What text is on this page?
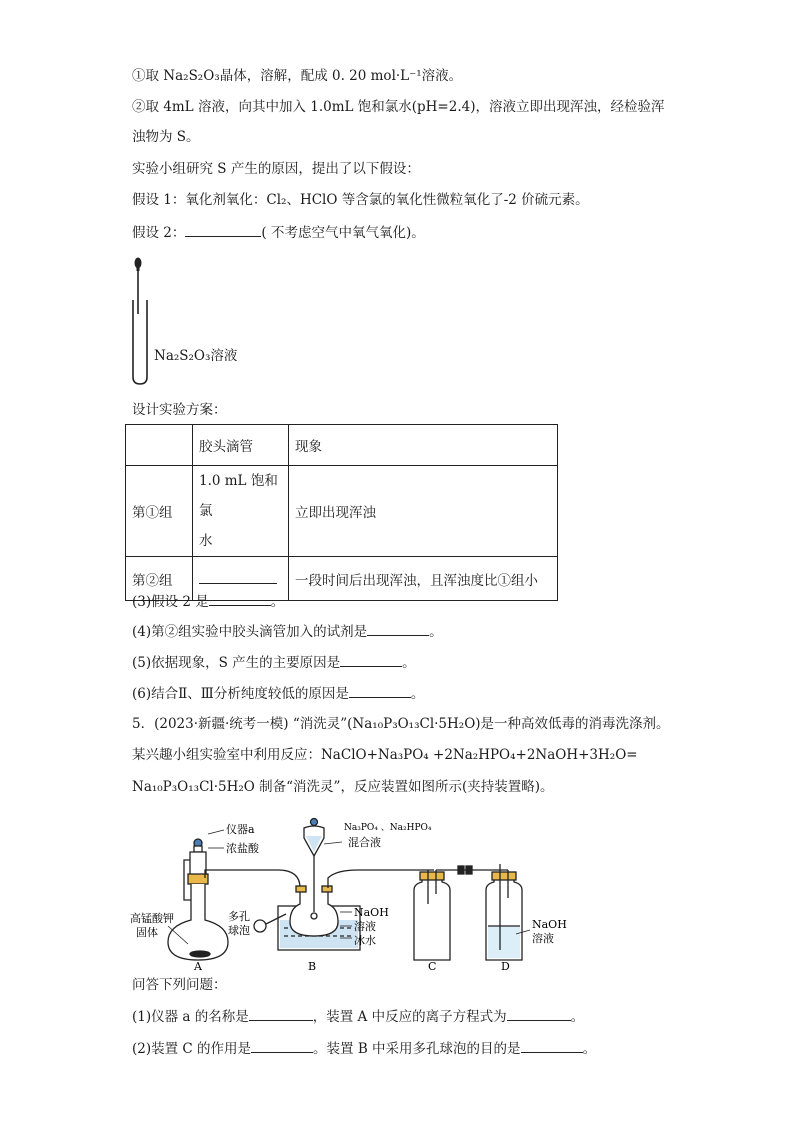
①取 Na₂S₂O₃晶体，溶解，配成 0. 20 mol·L⁻¹溶液。
②取 4mL 溶液，向其中加入 1.0mL 饱和氯水(pH=2.4)，溶液立即出现浑浊，经检验浑
浊物为 S。
实验小组研究 S 产生的原因，提出了以下假设：
假设 1：氧化剂氧化：Cl₂、HClO 等含氯的氧化性微粒氧化了-2 价硫元素。
假设 2：	( 不考虑空气中氧气氧化)。
Na₂S₂O₃溶液
设计实验方案：
	胶头滴管	现象
第①组	1.0 mL 饱和氯
水	立即出现浑浊
第②组		一段时间后出现浑浊，且浑浊度比①组小
(3)假设 2 是	。
(4)第②组实验中胶头滴管加入的试剂是	。
(5)依据现象，S 产生的主要原因是	。
(6)结合Ⅱ、Ⅲ分析纯度较低的原因是	。
5．(2023·新疆·统考一模) “消洗灵”(Na₁₀P₃O₁₃Cl·5H₂O)是一种高效低毒的消毒洗涤剂。
某兴趣小组实验室中利用反应：NaClO+Na₃PO₄ +2Na₂HPO₄+2NaOH+3H₂O=
Na₁₀P₃O₁₃Cl·5H₂O 制备“消洗灵”，反应装置如图所示(夹持装置略)。
仪器a
浓盐酸
高锰酸钾
固体
多孔
球泡
Na₃PO₄ 、Na₂HPO₄
混合液
NaOH
溶液
冰水
NaOH
溶液
A	B	C	D
问答下列问题：
(1)仪器 a 的名称是	，装置 A 中反应的离子方程式为	。
(2)装置 C 的作用是	。装置 B 中采用多孔球泡的目的是	。
